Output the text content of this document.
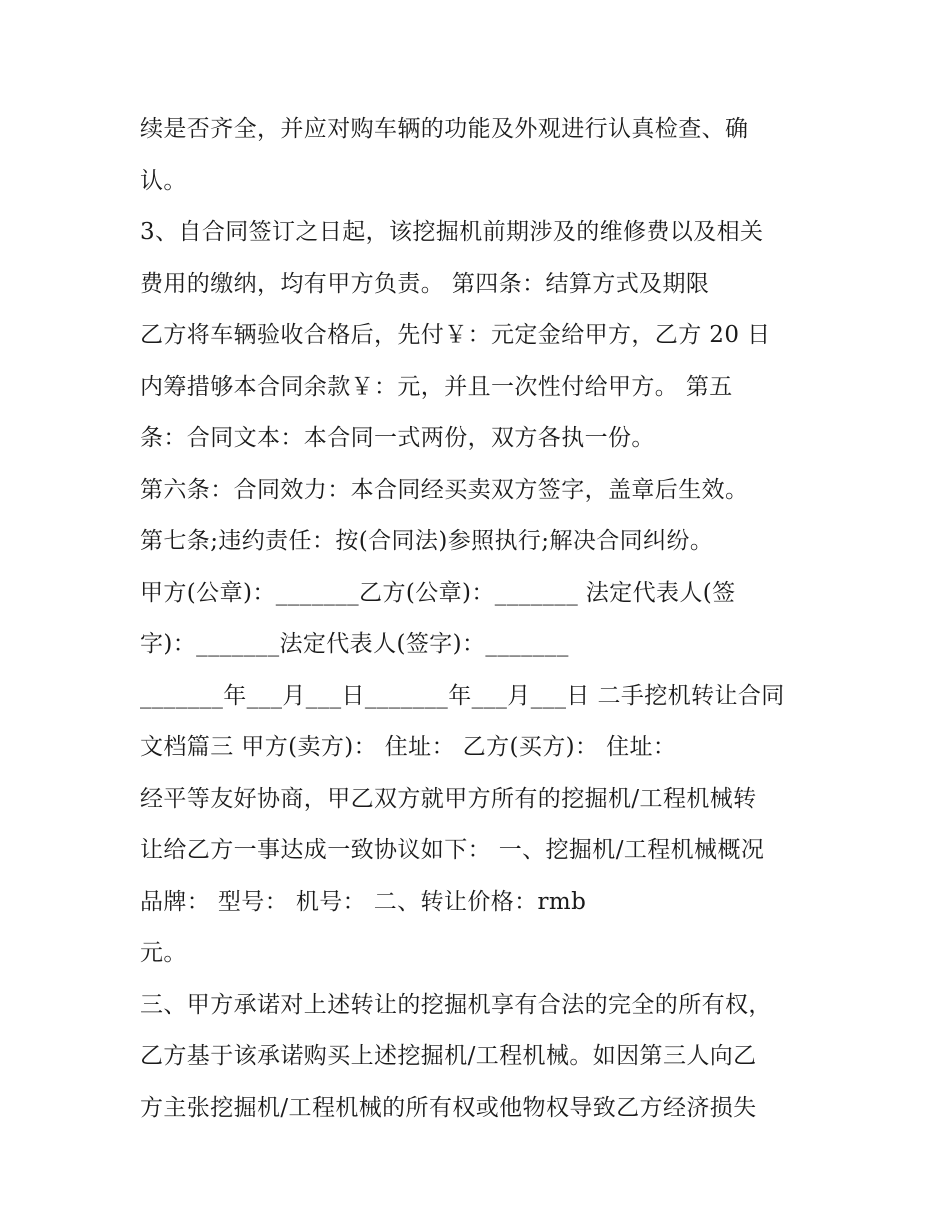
续是否齐全，并应对购车辆的功能及外观进行认真检查、确
认。
3、自合同签订之日起，该挖掘机前期涉及的维修费以及相关
费用的缴纳，均有甲方负责。 第四条：结算方式及期限
乙方将车辆验收合格后，先付￥：元定金给甲方，乙方 20 日
内筹措够本合同余款￥：元，并且一次性付给甲方。 第五
条：合同文本：本合同一式两份，双方各执一份。
第六条：合同效力：本合同经买卖双方签字，盖章后生效。
第七条;违约责任：按(合同法)参照执行;解决合同纠纷。
甲方(公章)：_______乙方(公章)：_______ 法定代表人(签
字)：_______法定代表人(签字)：_______
_______年___月___日_______年___月___日 二手挖机转让合同
文档篇三 甲方(卖方)： 住址： 乙方(买方)： 住址：
经平等友好协商，甲乙双方就甲方所有的挖掘机/工程机械转
让给乙方一事达成一致协议如下： 一、挖掘机/工程机械概况
品牌： 型号： 机号： 二、转让价格：rmb
元。
三、甲方承诺对上述转让的挖掘机享有合法的完全的所有权，
乙方基于该承诺购买上述挖掘机/工程机械。如因第三人向乙
方主张挖掘机/工程机械的所有权或他物权导致乙方经济损失
